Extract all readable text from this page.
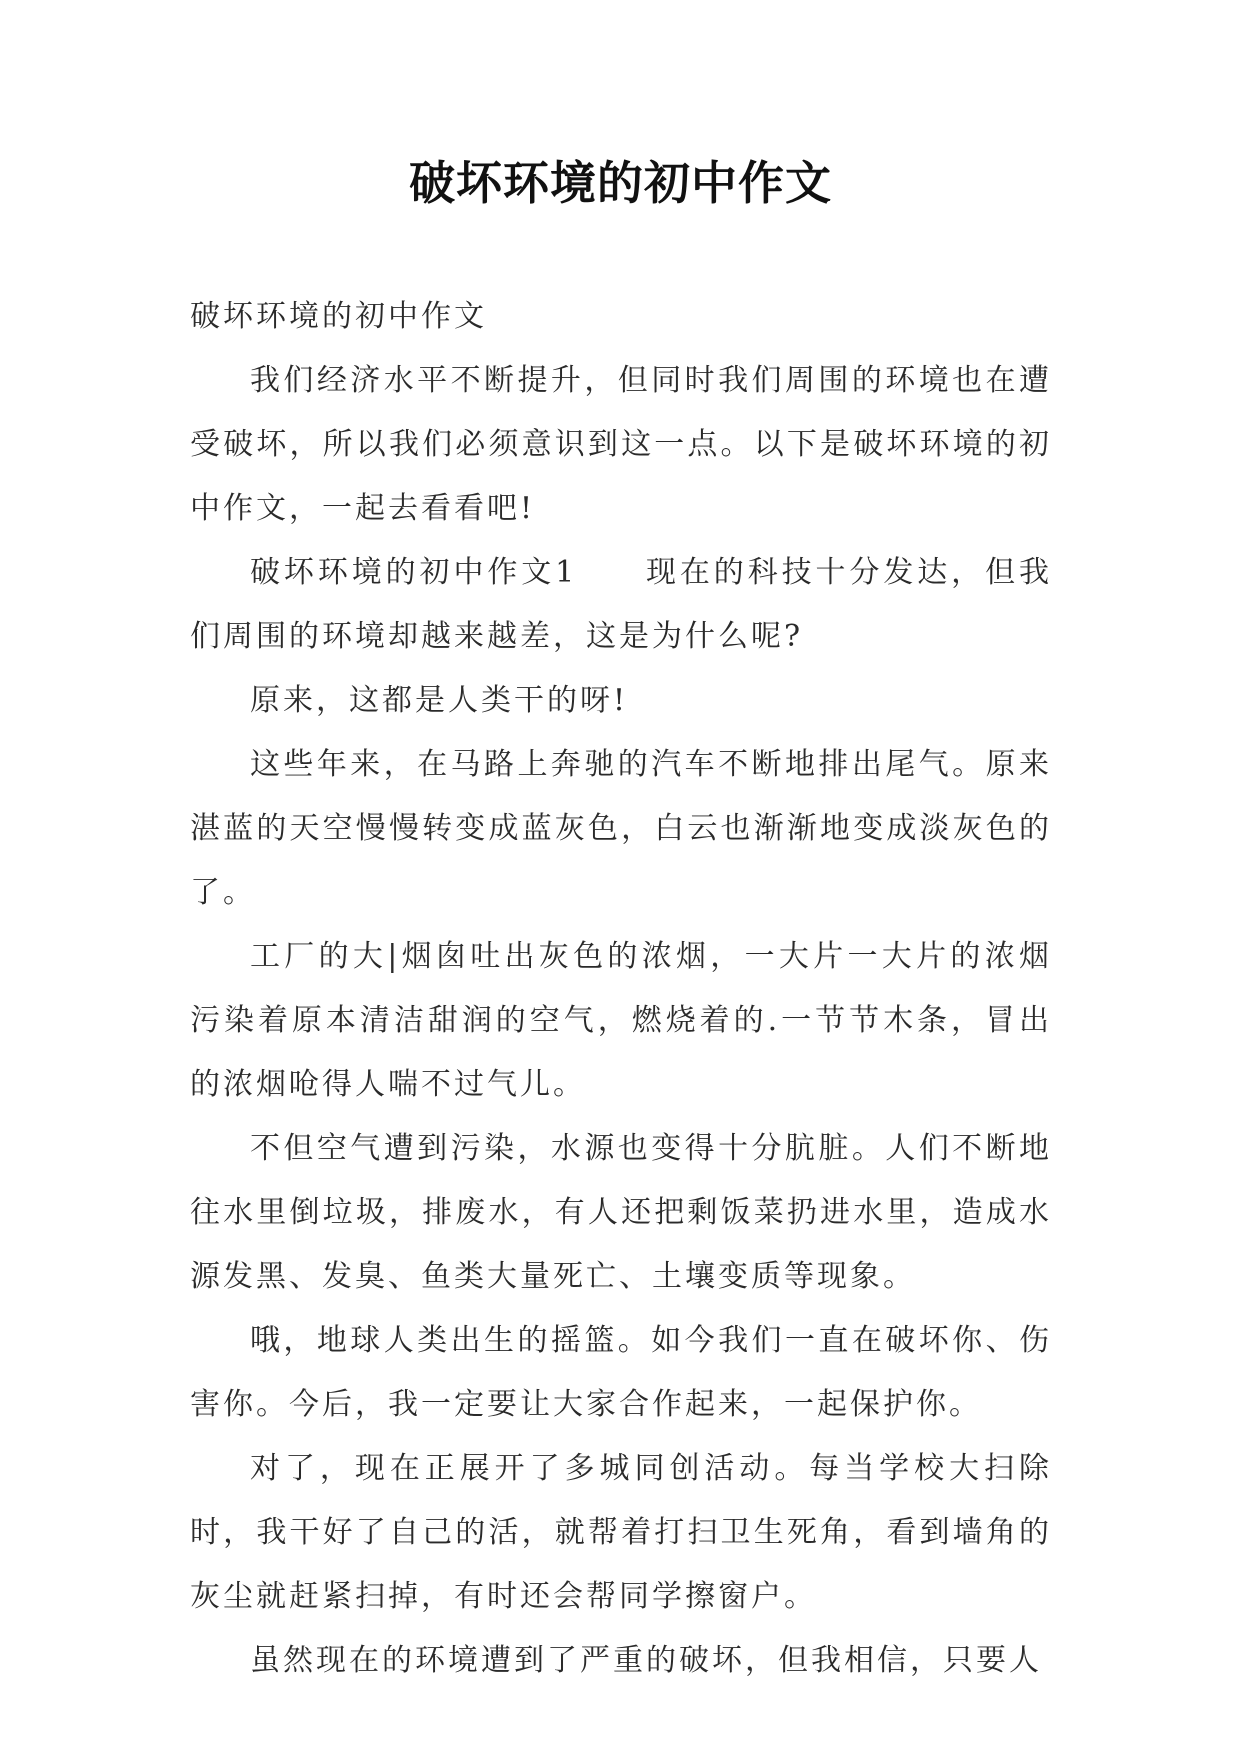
破坏环境的初中作文

破坏环境的初中作文

我们经济水平不断提升，但同时我们周围的环境也在遭受破坏，所以我们必须意识到这一点。以下是破坏环境的初中作文，一起去看看吧!

破坏环境的初中作文1　　现在的科技十分发达，但我们周围的环境却越来越差，这是为什么呢?

原来，这都是人类干的呀!

这些年来，在马路上奔驰的汽车不断地排出尾气。原来湛蓝的天空慢慢转变成蓝灰色，白云也渐渐地变成淡灰色的了。

工厂的大|烟囱吐出灰色的浓烟，一大片一大片的浓烟污染着原本清洁甜润的空气，燃烧着的.一节节木条，冒出的浓烟呛得人喘不过气儿。

不但空气遭到污染，水源也变得十分肮脏。人们不断地往水里倒垃圾，排废水，有人还把剩饭菜扔进水里，造成水源发黑、发臭、鱼类大量死亡、土壤变质等现象。

哦，地球人类出生的摇篮。如今我们一直在破坏你、伤害你。今后，我一定要让大家合作起来，一起保护你。

对了，现在正展开了多城同创活动。每当学校大扫除时，我干好了自己的活，就帮着打扫卫生死角，看到墙角的灰尘就赶紧扫掉，有时还会帮同学擦窗户。

虽然现在的环境遭到了严重的破坏，但我相信，只要人
